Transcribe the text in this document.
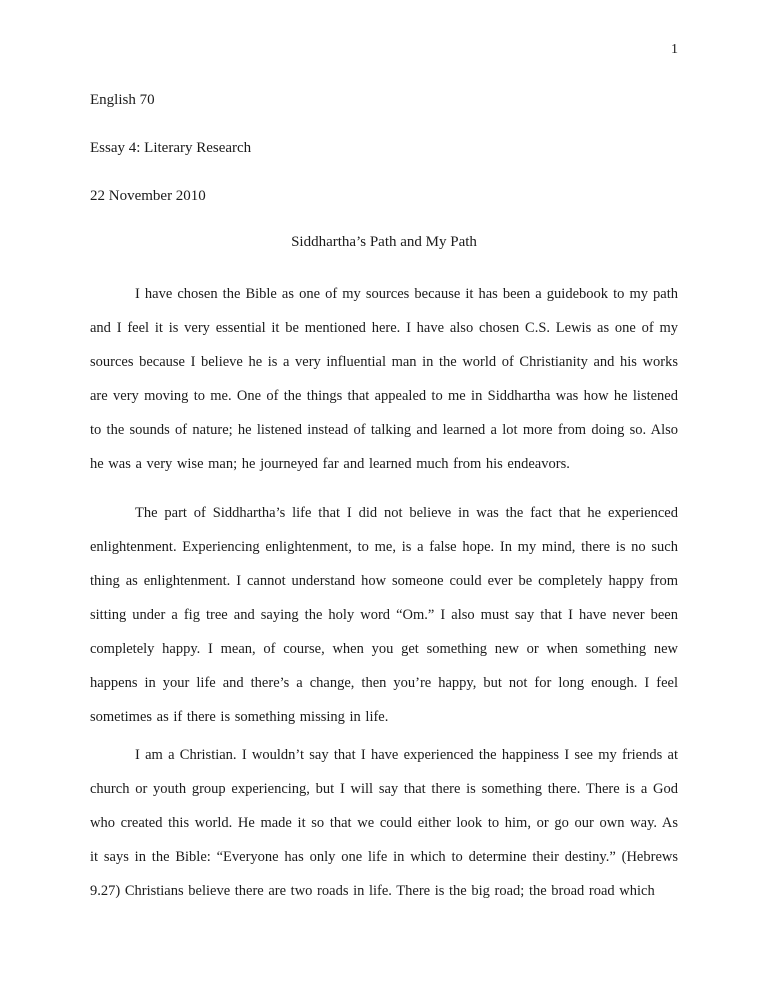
1
English 70
Essay 4: Literary Research
22 November 2010
Siddhartha’s Path and My Path
I have chosen the Bible as one of my sources because it has been a guidebook to my path
and I feel it is very essential it be mentioned here. I have also chosen C.S. Lewis as one of my
sources because I believe he is a very influential man in the world of Christianity and his works
are very moving to me. One of the things that appealed to me in Siddhartha was how he listened
to the sounds of nature; he listened instead of talking and learned a lot more from doing so. Also
he was a very wise man; he journeyed far and learned much from his endeavors.
The part of Siddhartha’s life that I did not believe in was the fact that he experienced
enlightenment. Experiencing enlightenment, to me, is a false hope. In my mind, there is no such
thing as enlightenment. I cannot understand how someone could ever be completely happy from
sitting under a fig tree and saying the holy word “Om.” I also must say that I have never been
completely happy. I mean, of course, when you get something new or when something new
happens in your life and there’s a change, then you’re happy, but not for long enough. I feel
sometimes as if there is something missing in life.
I am a Christian. I wouldn’t say that I have experienced the happiness I see my friends at
church or youth group experiencing, but I will say that there is something there. There is a God
who created this world. He made it so that we could either look to him, or go our own way. As
it says in the Bible: “Everyone has only one life in which to determine their destiny.” (Hebrews
9.27) Christians believe there are two roads in life. There is the big road; the broad road which
